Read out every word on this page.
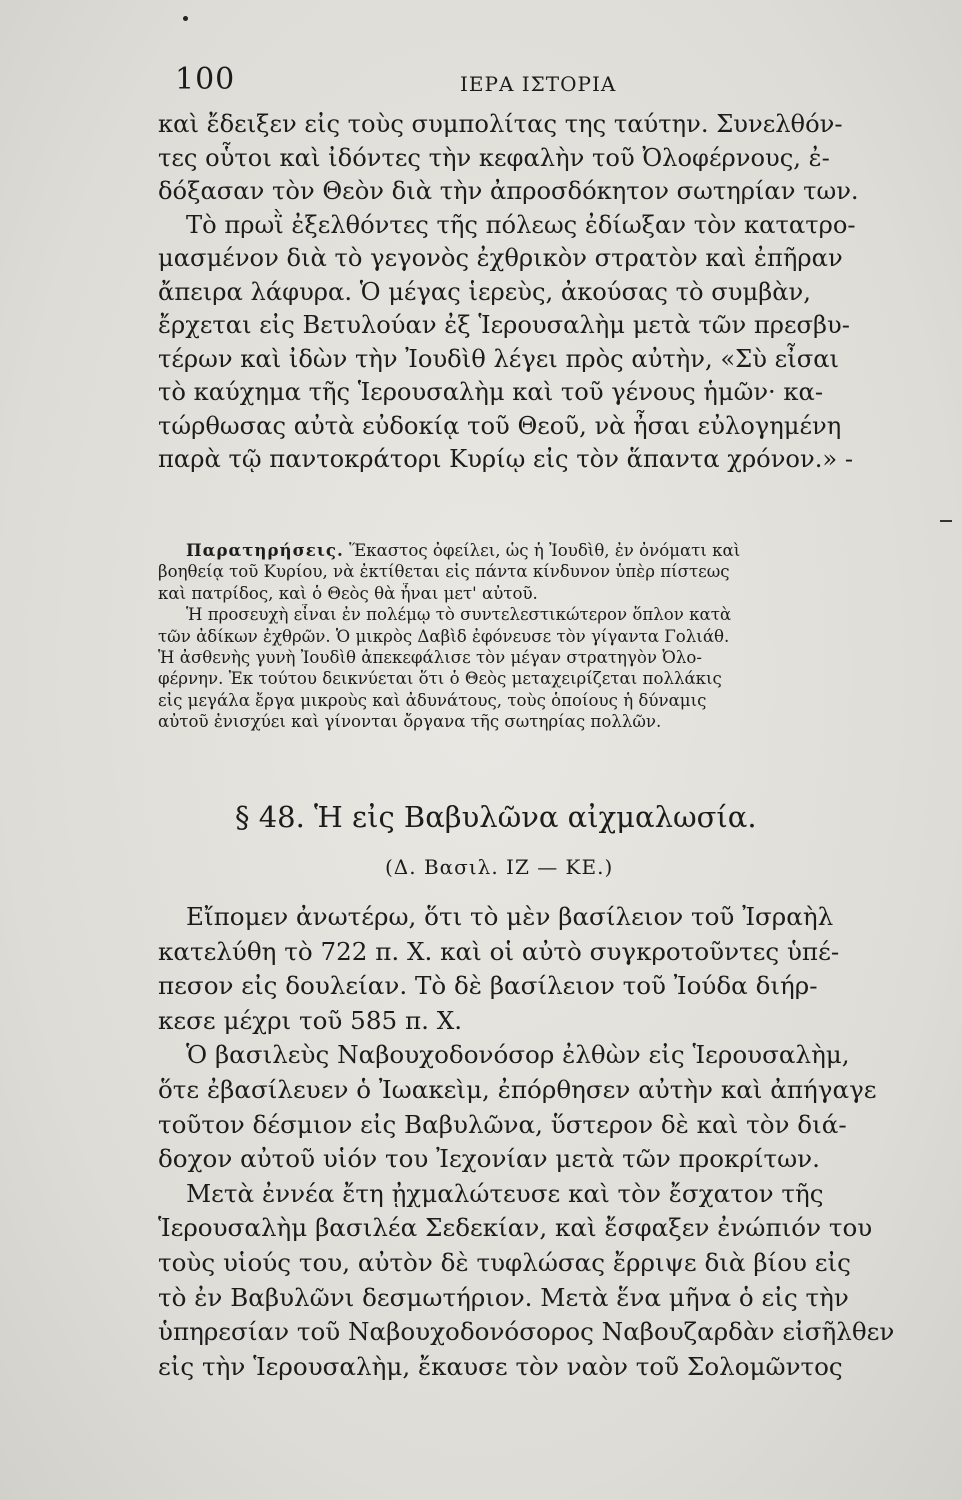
100	ΙΕΡΑ ΙΣΤΟΡΙΑ

καὶ ἔδειξεν εἰς τοὺς συμπολίτας της ταύτην. Συνελθόν-

τες οὗτοι καὶ ἰδόντες τὴν κεφαλὴν τοῦ Ὀλοφέρνους, ἐ-

δόξασαν τὸν Θεὸν διὰ τὴν ἀπροσδόκητον σωτηρίαν των.

Τὸ πρωῒ ἐξελθόντες τῆς πόλεως ἐδίωξαν τὸν κατατρο-

μασμένον διὰ τὸ γεγονὸς ἐχθρικὸν στρατὸν καὶ ἐπῆραν

ἄπειρα λάφυρα. Ὁ μέγας ἱερεὺς, ἀκούσας τὸ συμβὰν,

ἔρχεται εἰς Βετυλούαν ἐξ Ἱερουσαλὴμ μετὰ τῶν πρεσβυ-

τέρων καὶ ἰδὼν τὴν Ἰουδὶθ λέγει πρὸς αὐτὴν, «Σὺ εἶσαι

τὸ καύχημα τῆς Ἱερουσαλὴμ καὶ τοῦ γένους ἡμῶν· κα-

τώρθωσας αὐτὰ εὐδοκίᾳ τοῦ Θεοῦ, νὰ ἦσαι εὐλογημένη

παρὰ τῷ παντοκράτορι Κυρίῳ εἰς τὸν ἅπαντα χρόνον.» -

Παρατηρήσεις. Ἕκαστος ὀφείλει, ὡς ἡ Ἰουδὶθ, ἐν ὀνόματι καὶ

βοηθείᾳ τοῦ Κυρίου, νὰ ἐκτίθεται εἰς πάντα κίνδυνον ὑπὲρ πίστεως

καὶ πατρίδος, καὶ ὁ Θεὸς θὰ ἦναι μετ' αὐτοῦ.

Ἡ προσευχὴ εἶναι ἐν πολέμῳ τὸ συντελεστικώτερον ὅπλον κατὰ

τῶν ἀδίκων ἐχθρῶν. Ὁ μικρὸς Δαβὶδ ἐφόνευσε τὸν γίγαντα Γολιάθ.

Ἡ ἀσθενὴς γυνὴ Ἰουδὶθ ἀπεκεφάλισε τὸν μέγαν στρατηγὸν Ὀλο-

φέρνην. Ἐκ τούτου δεικνύεται ὅτι ὁ Θεὸς μεταχειρίζεται πολλάκις

εἰς μεγάλα ἔργα μικροὺς καὶ ἀδυνάτους, τοὺς ὁποίους ἡ δύναμις

αὐτοῦ ἐνισχύει καὶ γίνονται ὄργανα τῆς σωτηρίας πολλῶν.

§ 48. Ἡ εἰς Βαβυλῶνα αἰχμαλωσία.
(Δ. Βασιλ. ΙΖ — ΚΕ.)

Εἴπομεν ἀνωτέρω, ὅτι τὸ μὲν βασίλειον τοῦ Ἰσραὴλ

κατελύθη τὸ 722 π. Χ. καὶ οἱ αὐτὸ συγκροτοῦντες ὑπέ-

πεσον εἰς δουλείαν. Τὸ δὲ βασίλειον τοῦ Ἰούδα διήρ-

κεσε μέχρι τοῦ 585 π. Χ.

Ὁ βασιλεὺς Ναβουχοδονόσορ ἐλθὼν εἰς Ἱερουσαλὴμ,

ὅτε ἐβασίλευεν ὁ Ἰωακεὶμ, ἐπόρθησεν αὐτὴν καὶ ἀπήγαγε

τοῦτον δέσμιον εἰς Βαβυλῶνα, ὕστερον δὲ καὶ τὸν διά-

δοχον αὐτοῦ υἱόν του Ἰεχονίαν μετὰ τῶν προκρίτων.

Μετὰ ἐννέα ἔτη ᾐχμαλώτευσε καὶ τὸν ἔσχατον τῆς

Ἱερουσαλὴμ βασιλέα Σεδεκίαν, καὶ ἔσφαξεν ἐνώπιόν του

τοὺς υἱούς του, αὐτὸν δὲ τυφλώσας ἔρριψε διὰ βίου εἰς

τὸ ἐν Βαβυλῶνι δεσμωτήριον. Μετὰ ἕνα μῆνα ὁ εἰς τὴν

ὑπηρεσίαν τοῦ Ναβουχοδονόσορος Ναβουζαρδὰν εἰσῆλθεν

εἰς τὴν Ἱερουσαλὴμ, ἔκαυσε τὸν ναὸν τοῦ Σολομῶντος
